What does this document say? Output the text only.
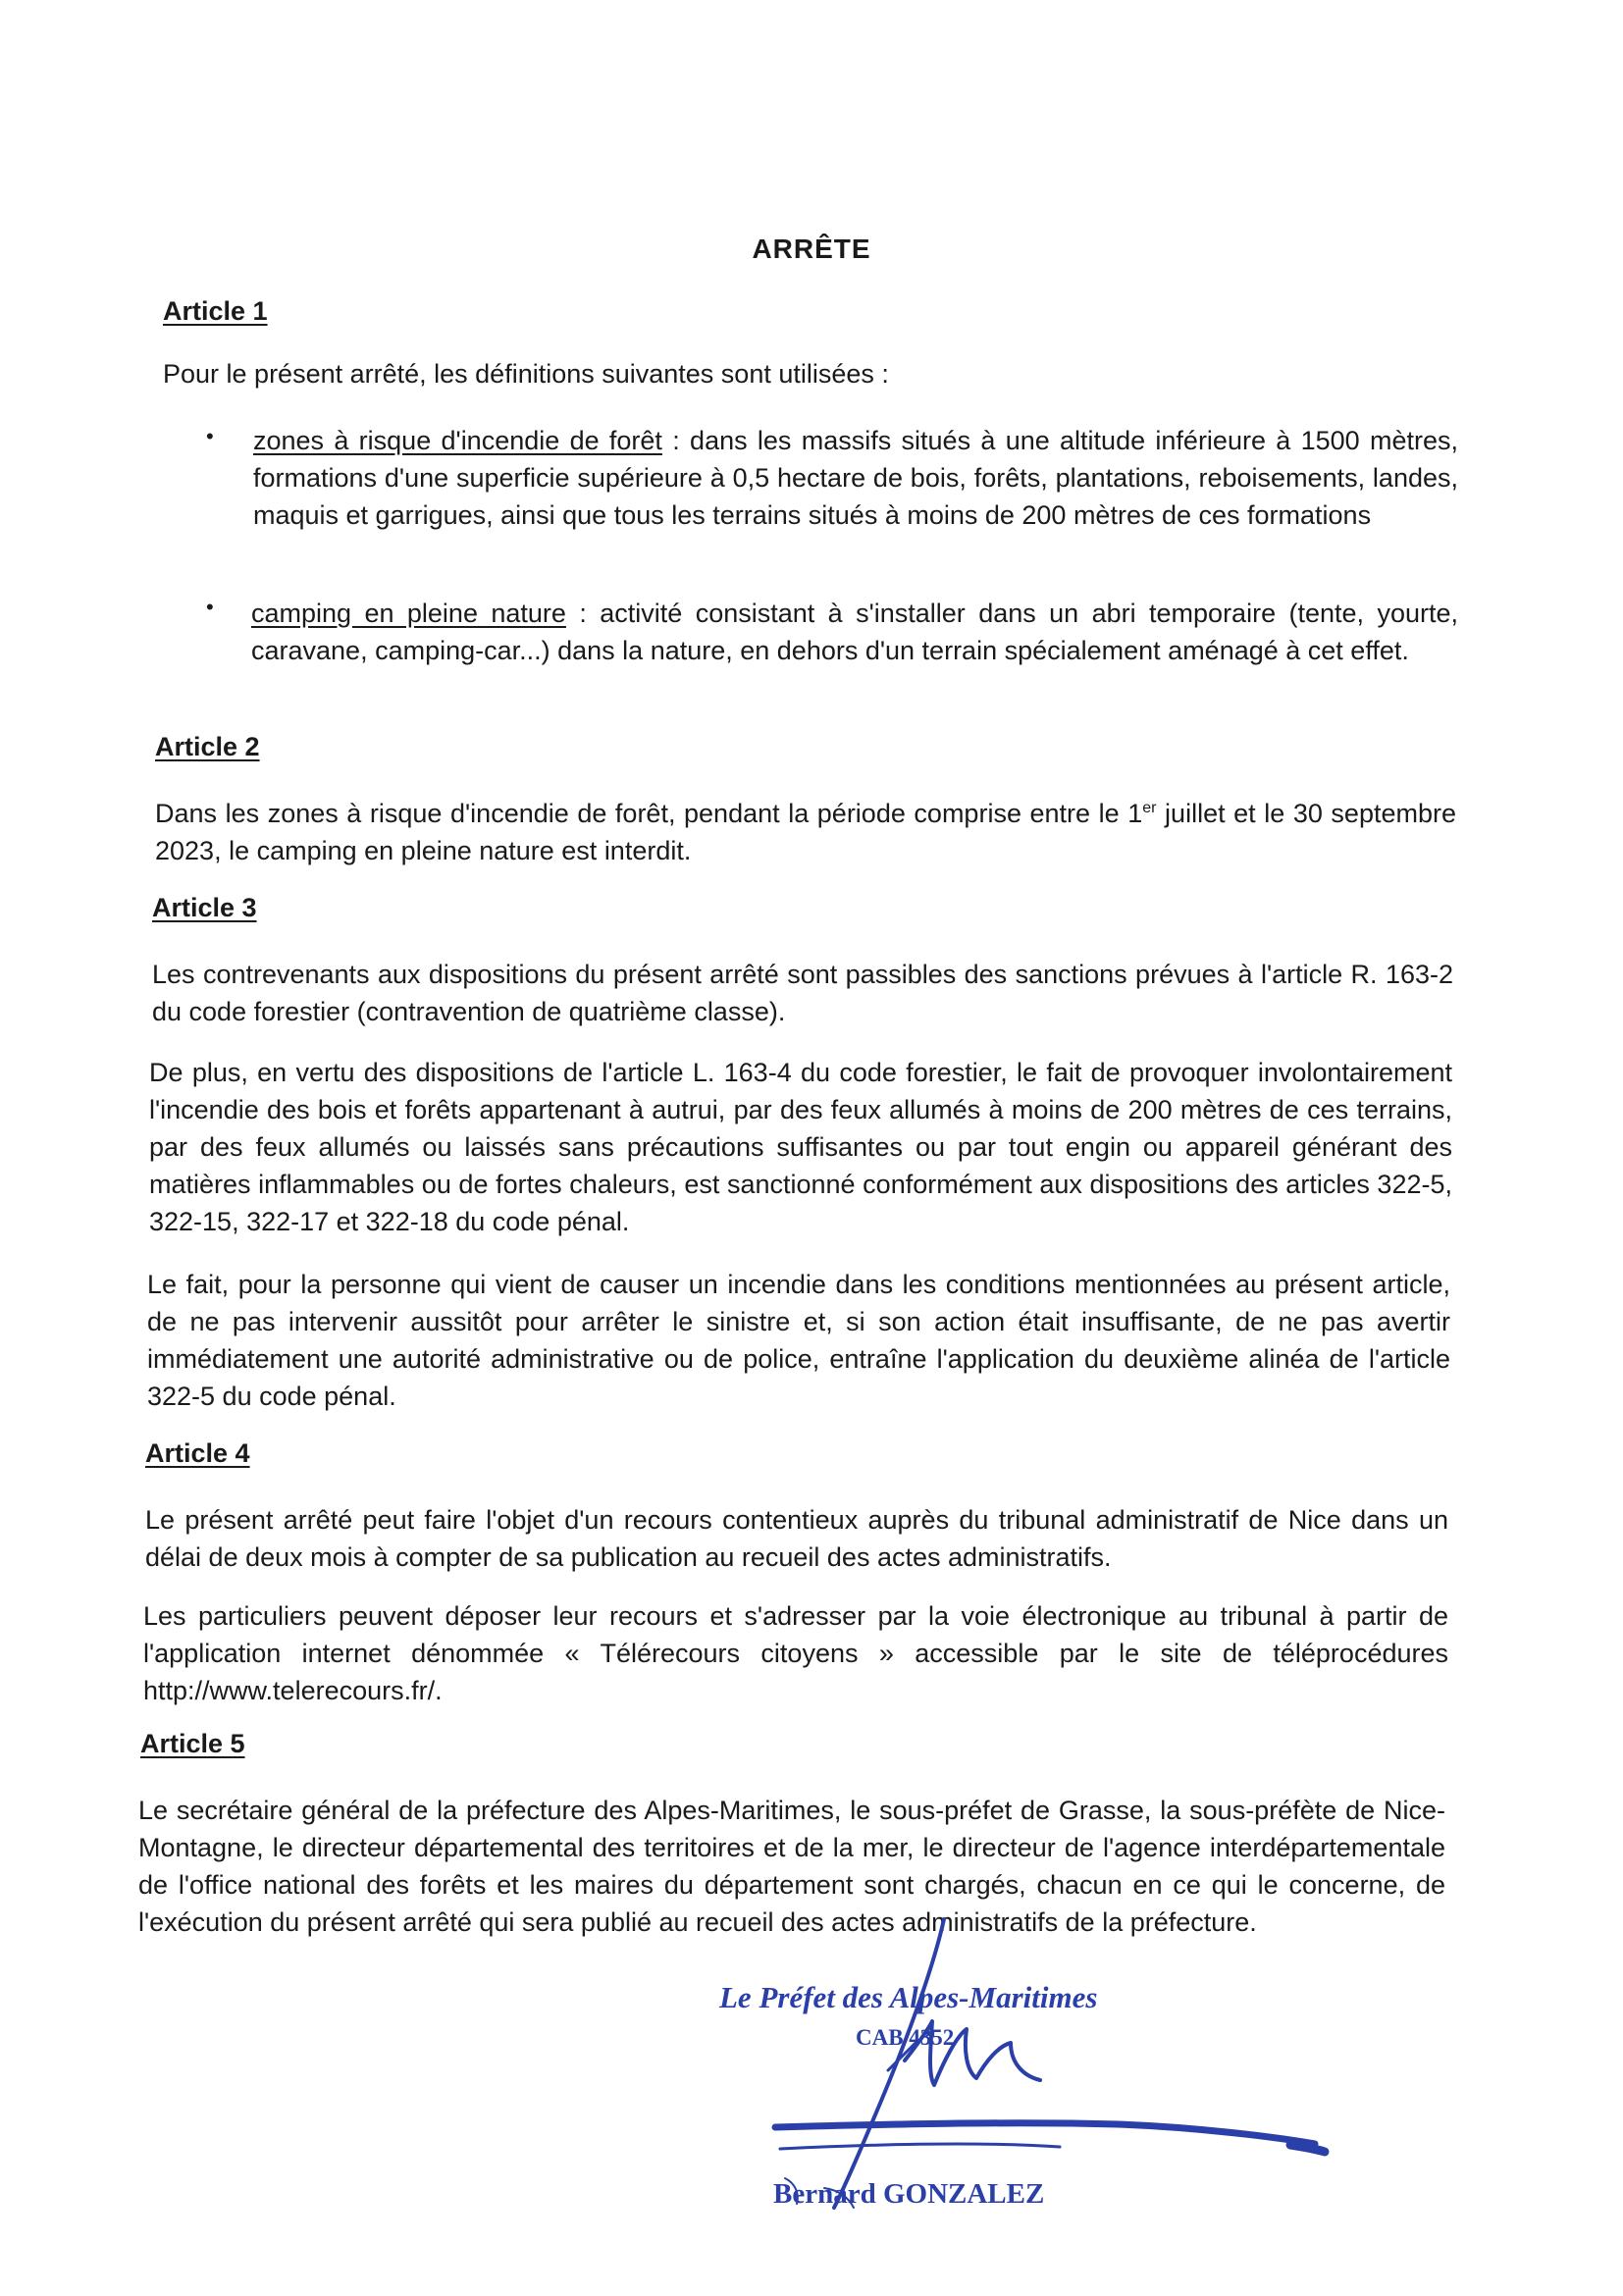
ARRÊTE
Article 1
Pour le présent arrêté, les définitions suivantes sont utilisées :
• zones à risque d'incendie de forêt : dans les massifs situés à une altitude inférieure à 1500 mètres, formations d'une superficie supérieure à 0,5 hectare de bois, forêts, plantations, reboisements, landes, maquis et garrigues, ainsi que tous les terrains situés à moins de 200 mètres de ces formations
• camping en pleine nature : activité consistant à s'installer dans un abri temporaire (tente, yourte, caravane, camping-car...) dans la nature, en dehors d'un terrain spécialement aménagé à cet effet.
Article 2
Dans les zones à risque d'incendie de forêt, pendant la période comprise entre le 1er juillet et le 30 septembre 2023, le camping en pleine nature est interdit.
Article 3
Les contrevenants aux dispositions du présent arrêté sont passibles des sanctions prévues à l'article R. 163-2 du code forestier (contravention de quatrième classe).
De plus, en vertu des dispositions de l'article L. 163-4 du code forestier, le fait de provoquer involontairement l'incendie des bois et forêts appartenant à autrui, par des feux allumés à moins de 200 mètres de ces terrains, par des feux allumés ou laissés sans précautions suffisantes ou par tout engin ou appareil générant des matières inflammables ou de fortes chaleurs, est sanctionné conformément aux dispositions des articles 322-5, 322-15, 322-17 et 322-18 du code pénal.
Le fait, pour la personne qui vient de causer un incendie dans les conditions mentionnées au présent article, de ne pas intervenir aussitôt pour arrêter le sinistre et, si son action était insuffisante, de ne pas avertir immédiatement une autorité administrative ou de police, entraîne l'application du deuxième alinéa de l'article 322-5 du code pénal.
Article 4
Le présent arrêté peut faire l'objet d'un recours contentieux auprès du tribunal administratif de Nice dans un délai de deux mois à compter de sa publication au recueil des actes administratifs.
Les particuliers peuvent déposer leur recours et s'adresser par la voie électronique au tribunal à partir de l'application internet dénommée « Télérecours citoyens » accessible par le site de téléprocédures http://www.telerecours.fr/.
Article 5
Le secrétaire général de la préfecture des Alpes-Maritimes, le sous-préfet de Grasse, la sous-préfète de Nice-Montagne, le directeur départemental des territoires et de la mer, le directeur de l'agence interdépartementale de l'office national des forêts et les maires du département sont chargés, chacun en ce qui le concerne, de l'exécution du présent arrêté qui sera publié au recueil des actes administratifs de la préfecture.
Le Préfet des Alpes-Maritimes
CAB 4352
Bernard GONZALEZ
